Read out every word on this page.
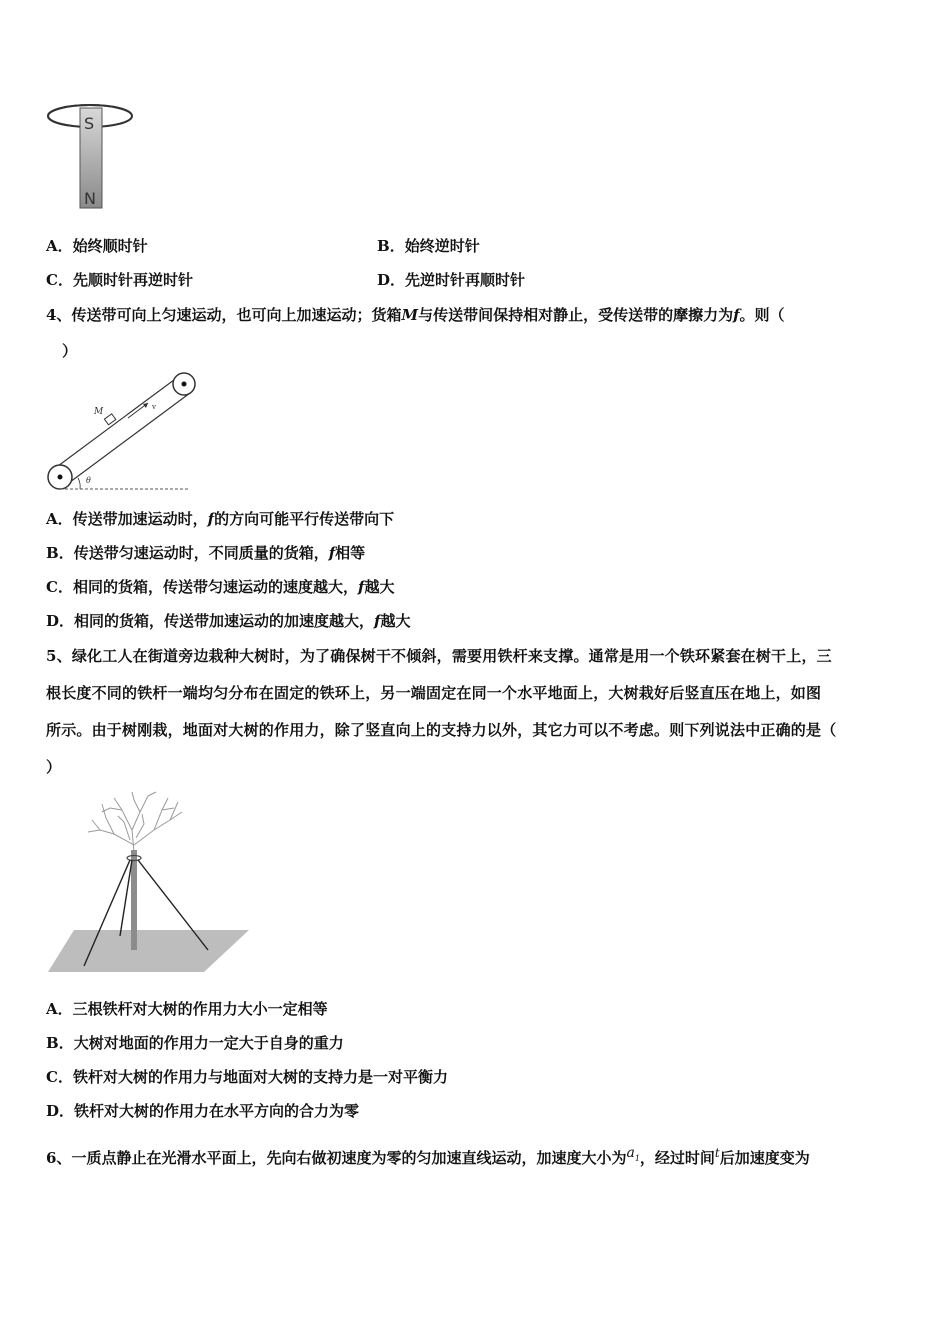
S
N
A．始终顺时针	B．始终逆时针
C．先顺时针再逆时针	D．先逆时针再顺时针
4、传送带可向上匀速运动，也可向上加速运动；货箱M与传送带间保持相对静止，受传送带的摩擦力为f。则（
）
M	v
θ
A．传送带加速运动时，f的方向可能平行传送带向下
B．传送带匀速运动时，不同质量的货箱，f相等
C．相同的货箱，传送带匀速运动的速度越大，f越大
D．相同的货箱，传送带加速运动的加速度越大，f越大
5、绿化工人在街道旁边栽种大树时，为了确保树干不倾斜，需要用铁杆来支撑。通常是用一个铁环紧套在树干上，三
根长度不同的铁杆一端均匀分布在固定的铁环上，另一端固定在同一个水平地面上，大树栽好后竖直压在地上，如图
所示。由于树刚栽，地面对大树的作用力，除了竖直向上的支持力以外，其它力可以不考虑。则下列说法中正确的是（
）
A．三根铁杆对大树的作用力大小一定相等
B．大树对地面的作用力一定大于自身的重力
C．铁杆对大树的作用力与地面对大树的支持力是一对平衡力
D．铁杆对大树的作用力在水平方向的合力为零
6、一质点静止在光滑水平面上，先向右做初速度为零的匀加速直线运动，加速度大小为$a_1$，经过时间$^t$后加速度变为
